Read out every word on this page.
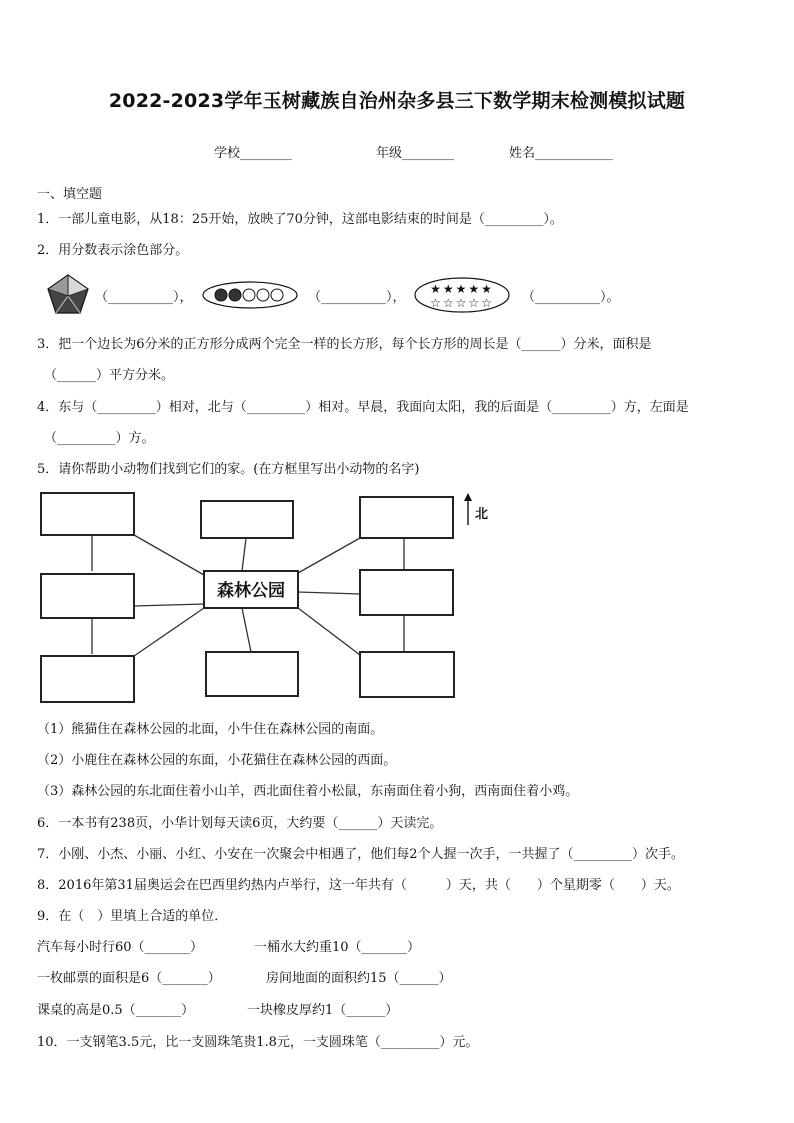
2022-2023学年玉树藏族自治州杂多县三下数学期末检测模拟试题
学校________	年级________	姓名____________
一、填空题
1．一部儿童电影，从18：25开始，放映了70分钟，这部电影结束的时间是（_________）。
2．用分数表示涂色部分。
（__________），	（__________），
★★★★★
☆☆☆☆☆ （__________）。
3．把一个边长为6分米的正方形分成两个完全一样的长方形，每个长方形的周长是（______）分米，面积是
（______）平方分米。
4．东与（_________）相对，北与（_________）相对。早晨，我面向太阳，我的后面是（_________）方，左面是
（_________）方。
5．请你帮助小动物们找到它们的家。(在方框里写出小动物的名字)
森林公园
北
（1）熊猫住在森林公园的北面，小牛住在森林公园的南面。
（2）小鹿住在森林公园的东面，小花猫住在森林公园的西面。
（3）森林公园的东北面住着小山羊，西北面住着小松鼠，东南面住着小狗，西南面住着小鸡。
6．一本书有238页，小华计划每天读6页，大约要（______）天读完。
7．小刚、小杰、小丽、小红、小安在一次聚会中相遇了，他们每2个人握一次手，一共握了（_________）次手。
8．2016年第31届奥运会在巴西里约热内卢举行，这一年共有（　　　）天，共（　　）个星期零（　　）天。
9．在（　）里填上合适的单位．
汽车每小时行60（_______）	一桶水大约重10（_______）
一枚邮票的面积是6（_______）	房间地面的面积约15（______）
课桌的高是0.5（_______）	一块橡皮厚约1（______）
10．一支钢笔3.5元，比一支圆珠笔贵1.8元，一支圆珠笔（_________）元。
